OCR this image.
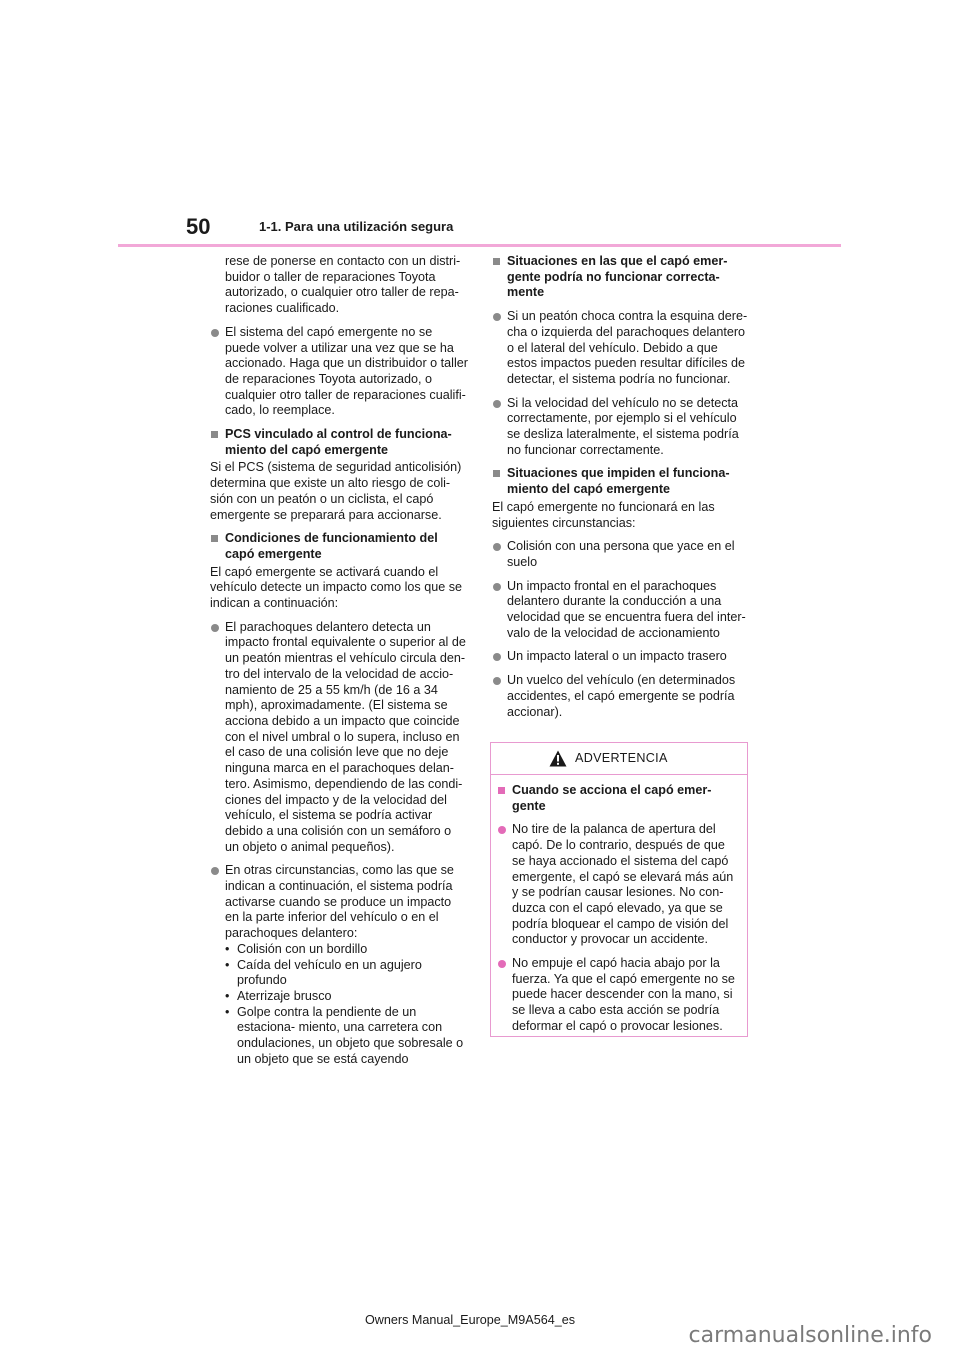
50	1-1. Para una utilización segura

rese de ponerse en contacto con un distri- buidor o taller de reparaciones Toyota autorizado, o cualquier otro taller de repa- raciones cualificado.

El sistema del capó emergente no se puede volver a utilizar una vez que se ha accionado. Haga que un distribuidor o taller de reparaciones Toyota autorizado, o cualquier otro taller de reparaciones cualifi- cado, lo reemplace.

PCS vinculado al control de funciona- miento del capó emergente

Si el PCS (sistema de seguridad anticolisión) determina que existe un alto riesgo de coli- sión con un peatón o un ciclista, el capó emergente se preparará para accionarse.

Condiciones de funcionamiento del capó emergente

El capó emergente se activará cuando el vehículo detecte un impacto como los que se indican a continuación:

El parachoques delantero detecta un impacto frontal equivalente o superior al de un peatón mientras el vehículo circula den- tro del intervalo de la velocidad de accio- namiento de 25 a 55 km/h (de 16 a 34 mph), aproximadamente. (El sistema se acciona debido a un impacto que coincide con el nivel umbral o lo supera, incluso en el caso de una colisión leve que no deje ninguna marca en el parachoques delan- tero. Asimismo, dependiendo de las condi- ciones del impacto y de la velocidad del vehículo, el sistema se podría activar debido a una colisión con un semáforo o un objeto o animal pequeños).

En otras circunstancias, como las que se indican a continuación, el sistema podría activarse cuando se produce un impacto en la parte inferior del vehículo o en el parachoques delantero:

• Colisión con un bordillo
• Caída del vehículo en un agujero profundo
• Aterrizaje brusco
• Golpe contra la pendiente de un estaciona- miento, una carretera con ondulaciones, un objeto que sobresale o un objeto que se está cayendo

Situaciones en las que el capó emer- gente podría no funcionar correcta- mente

Si un peatón choca contra la esquina dere- cha o izquierda del parachoques delantero o el lateral del vehículo. Debido a que estos impactos pueden resultar difíciles de detectar, el sistema podría no funcionar.

Si la velocidad del vehículo no se detecta correctamente, por ejemplo si el vehículo se desliza lateralmente, el sistema podría no funcionar correctamente.

Situaciones que impiden el funciona- miento del capó emergente

El capó emergente no funcionará en las siguientes circunstancias:

Colisión con una persona que yace en el suelo

Un impacto frontal en el parachoques delantero durante la conducción a una velocidad que se encuentra fuera del inter- valo de la velocidad de accionamiento

Un impacto lateral o un impacto trasero

Un vuelco del vehículo (en determinados accidentes, el capó emergente se podría accionar).

ADVERTENCIA

Cuando se acciona el capó emer- gente

No tire de la palanca de apertura del capó. De lo contrario, después de que se haya accionado el sistema del capó emergente, el capó se elevará más aún y se podrían causar lesiones. No con- duzca con el capó elevado, ya que se podría bloquear el campo de visión del conductor y provocar un accidente.

No empuje el capó hacia abajo por la fuerza. Ya que el capó emergente no se puede hacer descender con la mano, si se lleva a cabo esta acción se podría deformar el capó o provocar lesiones.

Owners Manual_Europe_M9A564_es
carmanualsonline.info
